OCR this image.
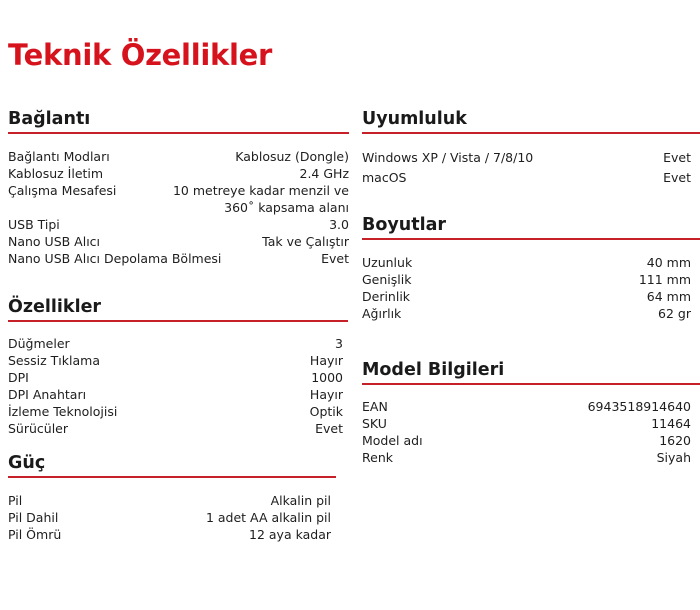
Teknik Özellikler
Bağlantı
Bağlantı Modları	Kablosuz (Dongle)
Kablosuz İletim	2.4 GHz
Çalışma Mesafesi	10 metreye kadar menzil ve 360˚ kapsama alanı
USB Tipi	3.0
Nano USB Alıcı	Tak ve Çalıştır
Nano USB Alıcı Depolama Bölmesi	Evet
Özellikler
Düğmeler	3
Sessiz Tıklama	Hayır
DPI	1000
DPI Anahtarı	Hayır
İzleme Teknolojisi	Optik
Sürücüler	Evet
Güç
Pil	Alkalin pil
Pil Dahil	1 adet AA alkalin pil
Pil Ömrü	12 aya kadar
Uyumluluk
Windows XP / Vista / 7/8/10	Evet
macOS	Evet
Boyutlar
Uzunluk	40 mm
Genişlik	111 mm
Derinlik	64 mm
Ağırlık	62 gr
Model Bilgileri
EAN	6943518914640
SKU	11464
Model adı	1620
Renk	Siyah
